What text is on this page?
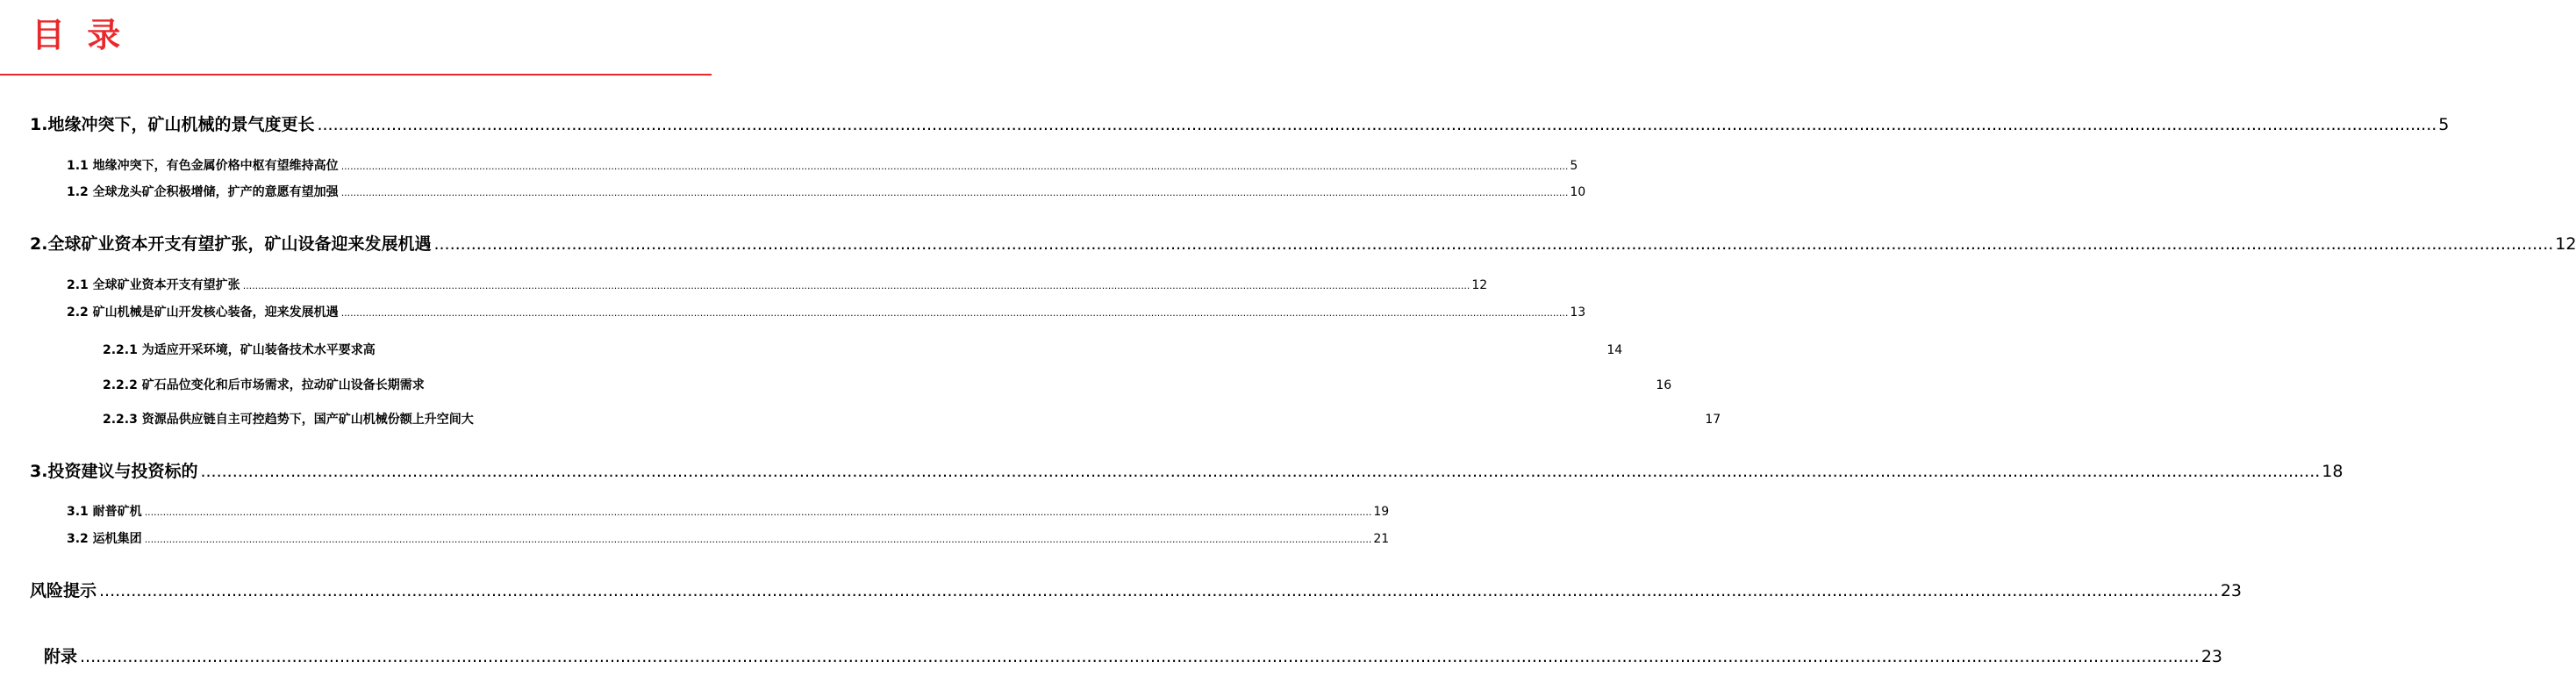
目 录
1.地缘冲突下，矿山机械的景气度更长 ................................................................................................................................................................................................................................................................................................................................................................................................................ 5
1.1 地缘冲突下，有色金属价格中枢有望维持高位 ................................................................................................................................................................................................................................................................................................................................................................................................................ 5
1.2 全球龙头矿企积极增储，扩产的意愿有望加强 ................................................................................................................................................................................................................................................................................................................................................................................................................ 10
2.全球矿业资本开支有望扩张，矿山设备迎来发展机遇 ................................................................................................................................................................................................................................................................................................................................................................................................................ 12
2.1 全球矿业资本开支有望扩张 ................................................................................................................................................................................................................................................................................................................................................................................................................ 12
2.2 矿山机械是矿山开发核心装备，迎来发展机遇 ................................................................................................................................................................................................................................................................................................................................................................................................................ 13
2.2.1 为适应开采环境，矿山装备技术水平要求高 ................................................................................................................................................................................................................................................................................................................................................................................................................ 14
2.2.2 矿石品位变化和后市场需求，拉动矿山设备长期需求 ................................................................................................................................................................................................................................................................................................................................................................................................................ 16
2.2.3 资源品供应链自主可控趋势下，国产矿山机械份额上升空间大 ................................................................................................................................................................................................................................................................................................................................................................................................................ 17
3.投资建议与投资标的 ................................................................................................................................................................................................................................................................................................................................................................................................................ 18
3.1 耐普矿机 ................................................................................................................................................................................................................................................................................................................................................................................................................ 19
3.2 运机集团 ................................................................................................................................................................................................................................................................................................................................................................................................................ 21
风险提示 ................................................................................................................................................................................................................................................................................................................................................................................................................ 23
附录 ................................................................................................................................................................................................................................................................................................................................................................................................................ 23
